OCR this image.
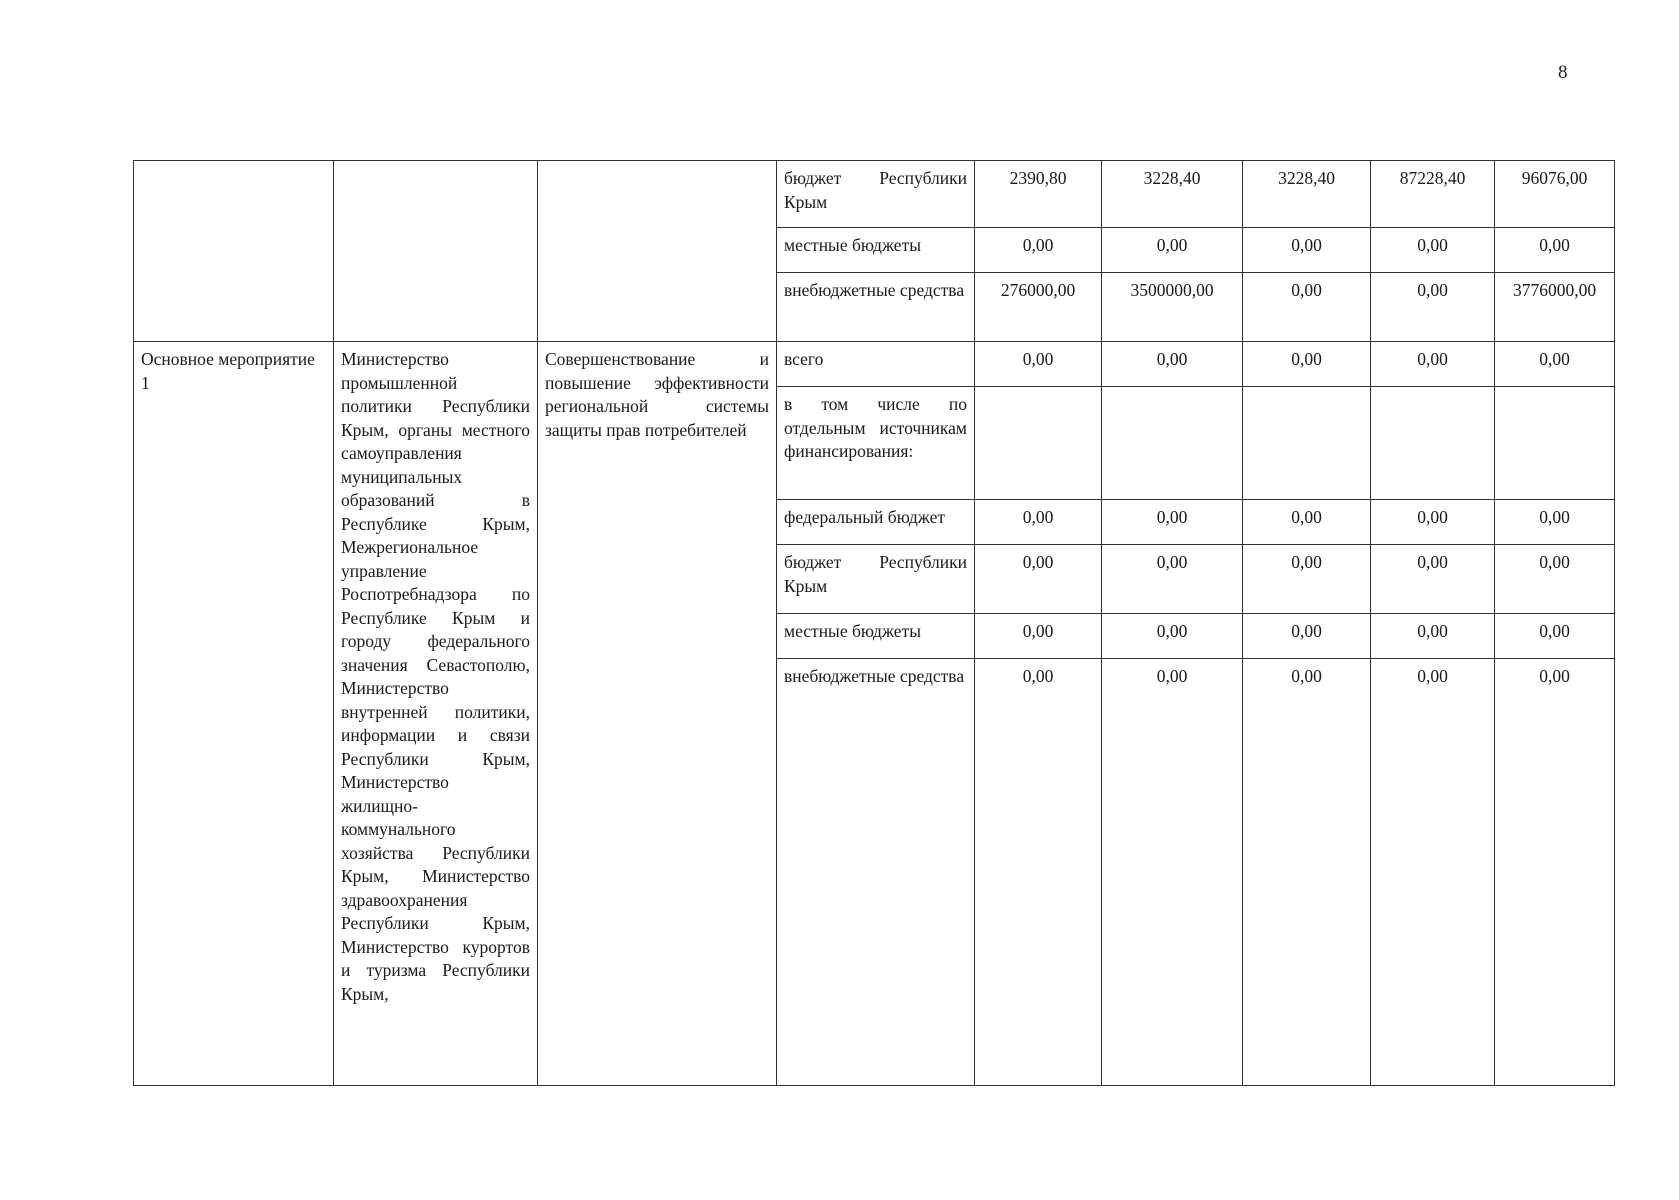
8
			бюджет Республики Крым	2390,80	3228,40	3228,40	87228,40	96076,00
			местные бюджеты	0,00	0,00	0,00	0,00	0,00
			внебюджетные средства	276000,00	3500000,00	0,00	0,00	3776000,00
Основное мероприятие 1	Министерство промышленной политики Республики Крым, органы местного самоуправления муниципальных образований в Республике Крым, Межрегиональное управление Роспотребнадзора по Республике Крым и городу федерального значения Севастополю, Министерство внутренней политики, информации и связи Республики Крым, Министерство жилищно-коммунального хозяйства Республики Крым, Министерство здравоохранения Республики Крым, Министерство курортов и туризма Республики Крым,	Совершенствование и повышение эффективности региональной системы защиты прав потребителей	всего	0,00	0,00	0,00	0,00	0,00
			в том числе по отдельным источникам финансирования:					
			федеральный бюджет	0,00	0,00	0,00	0,00	0,00
			бюджет Республики Крым	0,00	0,00	0,00	0,00	0,00
			местные бюджеты	0,00	0,00	0,00	0,00	0,00
			внебюджетные средства	0,00	0,00	0,00	0,00	0,00
